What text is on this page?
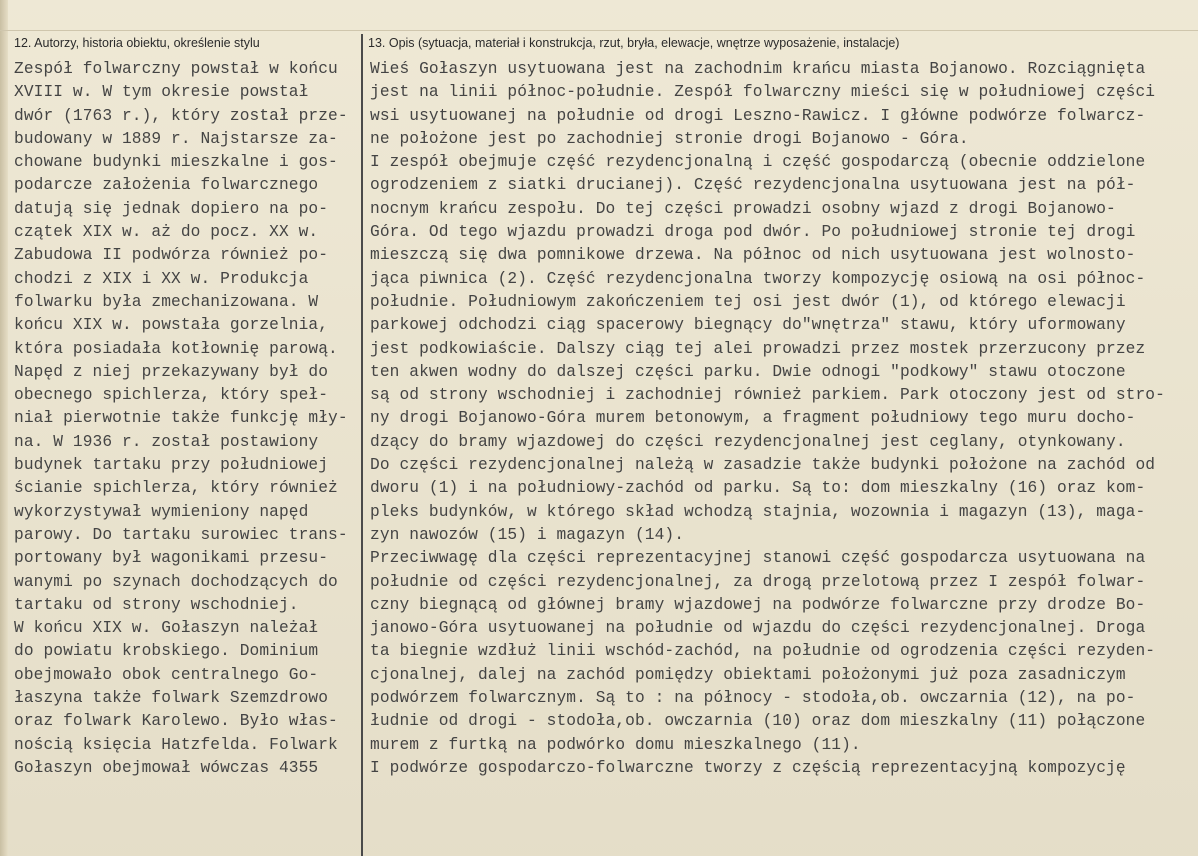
12. Autorzy, historia obiektu, określenie stylu	13. Opis (sytuacja, materiał i konstrukcja, rzut, bryła, elewacje, wnętrze wyposażenie, instalacje)
Zespół folwarczny powstał w końcu
XVIII w. W tym okresie powstał
dwór (1763 r.), który został prze-
budowany w 1889 r. Najstarsze za-
chowane budynki mieszkalne i gos-
podarcze założenia folwarcznego
datują się jednak dopiero na po-
czątek XIX w. aż do pocz. XX w.
Zabudowa II podwórza również po-
chodzi z XIX i XX w. Produkcja
folwarku była zmechanizowana. W
końcu XIX w. powstała gorzelnia,
która posiadała kotłownię parową.
Napęd z niej przekazywany był do
obecnego spichlerza, który speł-
niał pierwotnie także funkcję mły-
na. W 1936 r. został postawiony
budynek tartaku przy południowej
ścianie spichlerza, który również
wykorzystywał wymieniony napęd
parowy. Do tartaku surowiec trans-
portowany był wagonikami przesu-
wanymi po szynach dochodzących do
tartaku od strony wschodniej.
W końcu XIX w. Gołaszyn należał
do powiatu krobskiego. Dominium
obejmowało obok centralnego Go-
łaszyna także folwark Szemzdrowo
oraz folwark Karolewo. Było włas-
nością księcia Hatzfelda. Folwark
Gołaszyn obejmował wówczas 4355
Wieś Gołaszyn usytuowana jest na zachodnim krańcu miasta Bojanowo. Rozciągnięta
jest na linii północ-południe. Zespół folwarczny mieści się w południowej części
wsi usytuowanej na południe od drogi Leszno-Rawicz. I główne podwórze folwarcz-
ne położone jest po zachodniej stronie drogi Bojanowo - Góra.
I zespół obejmuje część rezydencjonalną i część gospodarczą (obecnie oddzielone
ogrodzeniem z siatki drucianej). Część rezydencjonalna usytuowana jest na pół-
nocnym krańcu zespołu. Do tej części prowadzi osobny wjazd z drogi Bojanowo-
Góra. Od tego wjazdu prowadzi droga pod dwór. Po południowej stronie tej drogi
mieszczą się dwa pomnikowe drzewa. Na północ od nich usytuowana jest wolnosto-
jąca piwnica (2). Część rezydencjonalna tworzy kompozycję osiową na osi północ-
południe. Południowym zakończeniem tej osi jest dwór (1), od którego elewacji
parkowej odchodzi ciąg spacerowy biegnący do"wnętrza" stawu, który uformowany
jest podkowiaście. Dalszy ciąg tej alei prowadzi przez mostek przerzucony przez
ten akwen wodny do dalszej części parku. Dwie odnogi "podkowy" stawu otoczone
są od strony wschodniej i zachodniej również parkiem. Park otoczony jest od stro-
ny drogi Bojanowo-Góra murem betonowym, a fragment południowy tego muru docho-
dzący do bramy wjazdowej do części rezydencjonalnej jest ceglany, otynkowany.
Do części rezydencjonalnej należą w zasadzie także budynki położone na zachód od
dworu (1) i na południowy-zachód od parku. Są to: dom mieszkalny (16) oraz kom-
pleks budynków, w którego skład wchodzą stajnia, wozownia i magazyn (13), maga-
zyn nawozów (15) i magazyn (14).
Przeciwwagę dla części reprezentacyjnej stanowi część gospodarcza usytuowana na
południe od części rezydencjonalnej, za drogą przelotową przez I zespół folwar-
czny biegnącą od głównej bramy wjazdowej na podwórze folwarczne przy drodze Bo-
janowo-Góra usytuowanej na południe od wjazdu do części rezydencjonalnej. Droga
ta biegnie wzdłuż linii wschód-zachód, na południe od ogrodzenia części rezyden-
cjonalnej, dalej na zachód pomiędzy obiektami położonymi już poza zasadniczym
podwórzem folwarcznym. Są to : na północy - stodoła,ob. owczarnia (12), na po-
łudnie od drogi - stodoła,ob. owczarnia (10) oraz dom mieszkalny (11) połączone
murem z furtką na podwórko domu mieszkalnego (11).
I podwórze gospodarczo-folwarczne tworzy z częścią reprezentacyjną kompozycję
